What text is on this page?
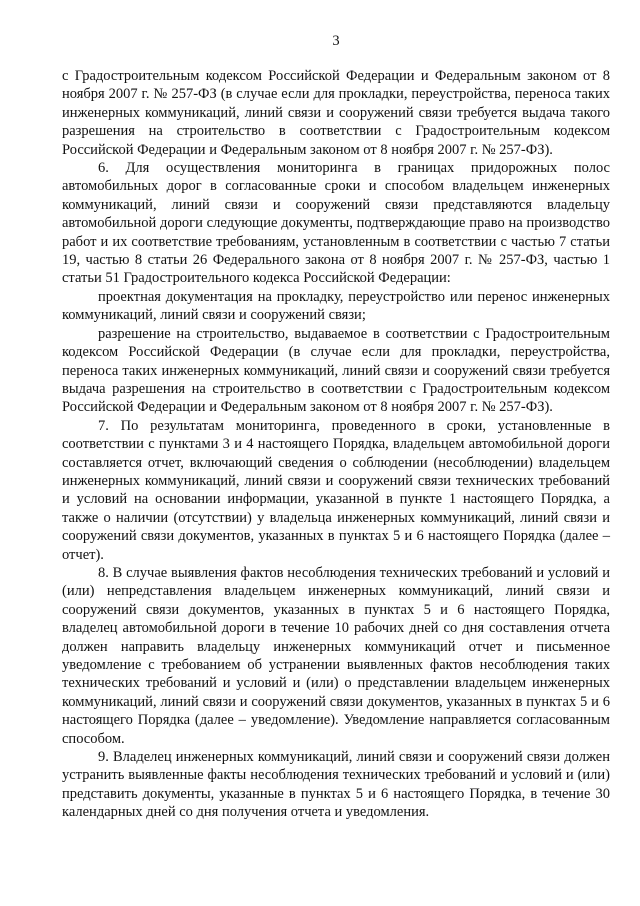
3

с Градостроительным кодексом Российской Федерации и Федеральным законом от 8 ноября 2007 г. № 257-ФЗ (в случае если для прокладки, переустройства, переноса таких инженерных коммуникаций, линий связи и сооружений связи требуется выдача такого разрешения на строительство в соответствии с Градостроительным кодексом Российской Федерации и Федеральным законом от 8 ноября 2007 г. № 257-ФЗ).

6. Для осуществления мониторинга в границах придорожных полос автомобильных дорог в согласованные сроки и способом владельцем инженерных коммуникаций, линий связи и сооружений связи представляются владельцу автомобильной дороги следующие документы, подтверждающие право на производство работ и их соответствие требованиям, установленным в соответствии с частью 7 статьи 19, частью 8 статьи 26 Федерального закона от 8 ноября 2007 г. № 257-ФЗ, частью 1 статьи 51 Градостроительного кодекса Российской Федерации:

проектная документация на прокладку, переустройство или перенос инженерных коммуникаций, линий связи и сооружений связи;

разрешение на строительство, выдаваемое в соответствии с Градостроительным кодексом Российской Федерации (в случае если для прокладки, переустройства, переноса таких инженерных коммуникаций, линий связи и сооружений связи требуется выдача разрешения на строительство в соответствии с Градостроительным кодексом Российской Федерации и Федеральным законом от 8 ноября 2007 г. № 257-ФЗ).

7. По результатам мониторинга, проведенного в сроки, установленные в соответствии с пунктами 3 и 4 настоящего Порядка, владельцем автомобильной дороги составляется отчет, включающий сведения о соблюдении (несоблюдении) владельцем инженерных коммуникаций, линий связи и сооружений связи технических требований и условий на основании информации, указанной в пункте 1 настоящего Порядка, а также о наличии (отсутствии) у владельца инженерных коммуникаций, линий связи и сооружений связи документов, указанных в пунктах 5 и 6 настоящего Порядка (далее – отчет).

8. В случае выявления фактов несоблюдения технических требований и условий и (или) непредставления владельцем инженерных коммуникаций, линий связи и сооружений связи документов, указанных в пунктах 5 и 6 настоящего Порядка, владелец автомобильной дороги в течение 10 рабочих дней со дня составления отчета должен направить владельцу инженерных коммуникаций отчет и письменное уведомление с требованием об устранении выявленных фактов несоблюдения таких технических требований и условий и (или) о представлении владельцем инженерных коммуникаций, линий связи и сооружений связи документов, указанных в пунктах 5 и 6 настоящего Порядка (далее – уведомление). Уведомление направляется согласованным способом.

9. Владелец инженерных коммуникаций, линий связи и сооружений связи должен устранить выявленные факты несоблюдения технических требований и условий и (или) представить документы, указанные в пунктах 5 и 6 настоящего Порядка, в течение 30 календарных дней со дня получения отчета и уведомления.
